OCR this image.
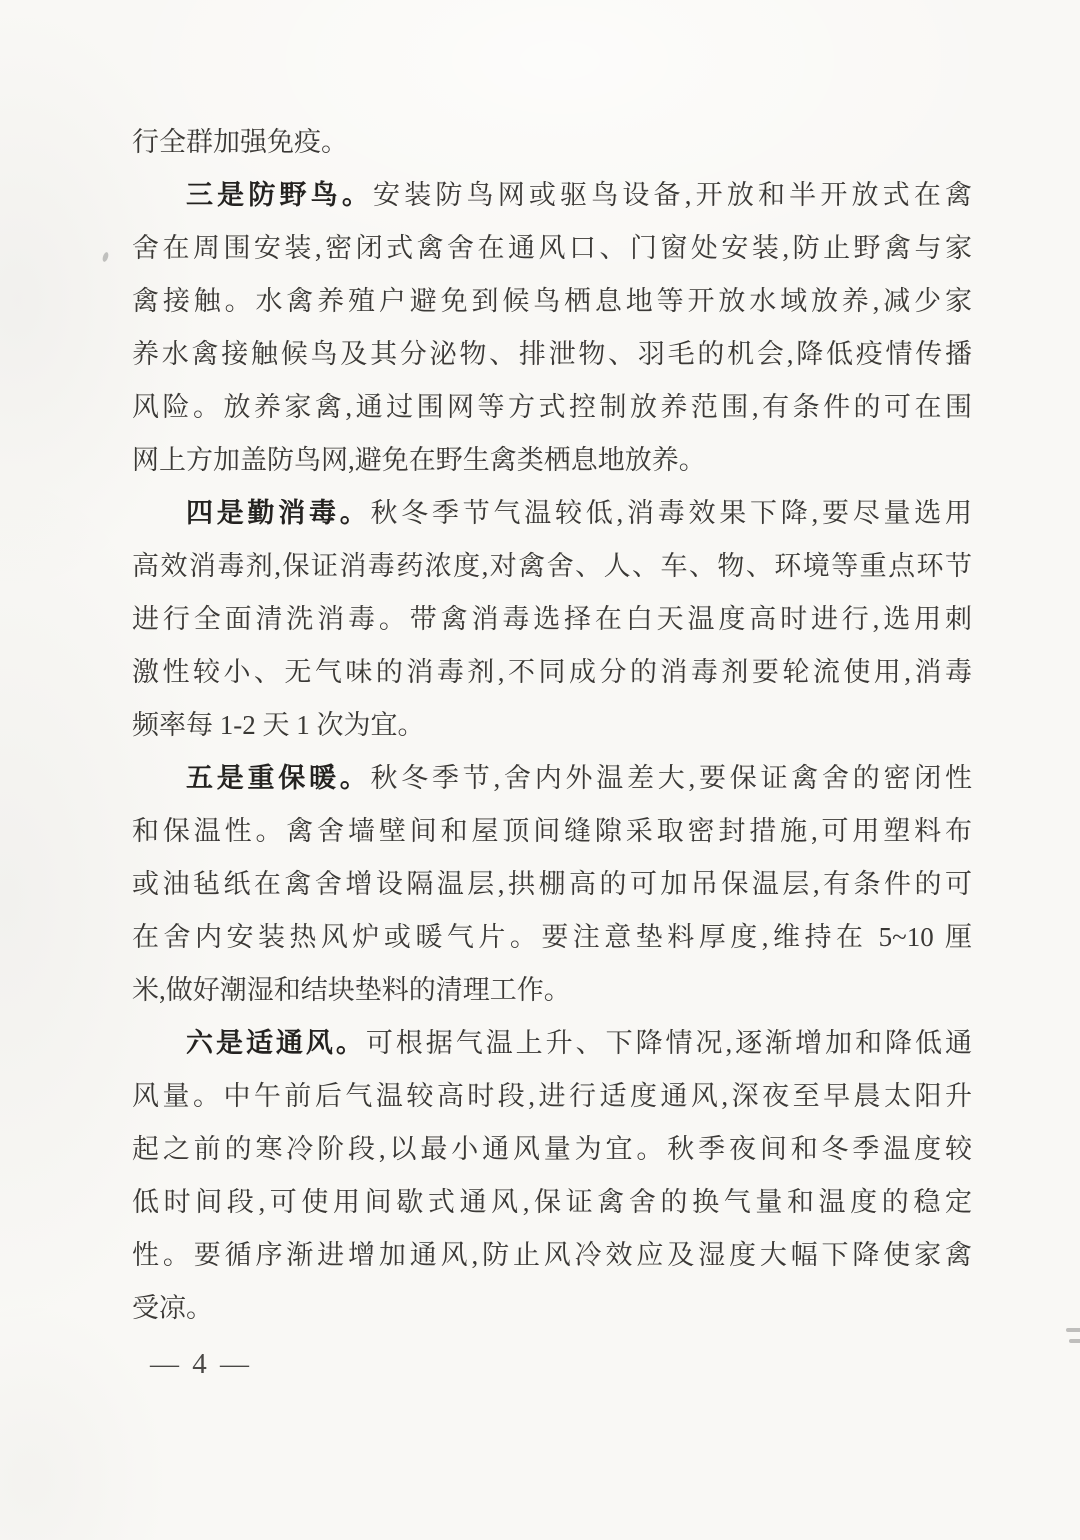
行全群加强免疫。
三是防野鸟。安装防鸟网或驱鸟设备,开放和半开放式在禽
舍在周围安装,密闭式禽舍在通风口、门窗处安装,防止野禽与家
禽接触。水禽养殖户避免到候鸟栖息地等开放水域放养,减少家
养水禽接触候鸟及其分泌物、排泄物、羽毛的机会,降低疫情传播
风险。放养家禽,通过围网等方式控制放养范围,有条件的可在围
网上方加盖防鸟网,避免在野生禽类栖息地放养。
四是勤消毒。秋冬季节气温较低,消毒效果下降,要尽量选用
高效消毒剂,保证消毒药浓度,对禽舍、人、车、物、环境等重点环节
进行全面清洗消毒。带禽消毒选择在白天温度高时进行,选用刺
激性较小、无气味的消毒剂,不同成分的消毒剂要轮流使用,消毒
频率每 1-2 天 1 次为宜。
五是重保暖。秋冬季节,舍内外温差大,要保证禽舍的密闭性
和保温性。禽舍墙壁间和屋顶间缝隙采取密封措施,可用塑料布
或油毡纸在禽舍增设隔温层,拱棚高的可加吊保温层,有条件的可
在舍内安装热风炉或暖气片。要注意垫料厚度,维持在 5~10 厘
米,做好潮湿和结块垫料的清理工作。
六是适通风。可根据气温上升、下降情况,逐渐增加和降低通
风量。中午前后气温较高时段,进行适度通风,深夜至早晨太阳升
起之前的寒冷阶段,以最小通风量为宜。秋季夜间和冬季温度较
低时间段,可使用间歇式通风,保证禽舍的换气量和温度的稳定
性。要循序渐进增加通风,防止风冷效应及湿度大幅下降使家禽
受凉。
— 4 —
